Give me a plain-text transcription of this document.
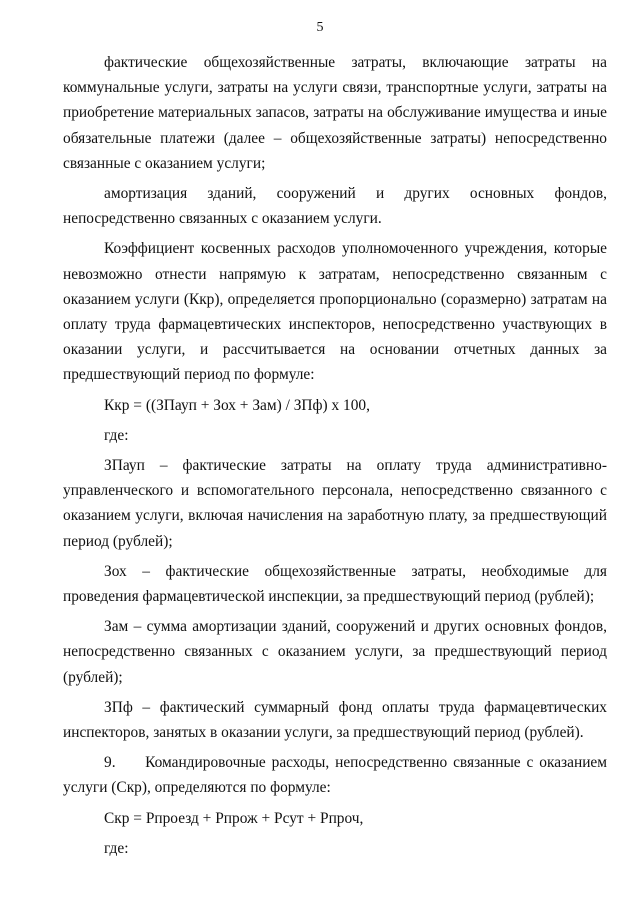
5

фактические общехозяйственные затраты, включающие затраты на коммунальные услуги, затраты на услуги связи, транспортные услуги, затраты на приобретение материальных запасов, затраты на обслуживание имущества и иные обязательные платежи (далее – общехозяйственные затраты) непосредственно связанные с оказанием услуги;

амортизация зданий, сооружений и других основных фондов, непосредственно связанных с оказанием услуги.

Коэффициент косвенных расходов уполномоченного учреждения, которые невозможно отнести напрямую к затратам, непосредственно связанным с оказанием услуги (Ккр), определяется пропорционально (соразмерно) затратам на оплату труда фармацевтических инспекторов, непосредственно участвующих в оказании услуги, и рассчитывается на основании отчетных данных за предшествующий период по формуле:

Ккр = ((ЗПауп + Зох + Зам) / ЗПф) х 100,

где:

ЗПауп – фактические затраты на оплату труда административно-управленческого и вспомогательного персонала, непосредственно связанного с оказанием услуги, включая начисления на заработную плату, за предшествующий период (рублей);

Зох – фактические общехозяйственные затраты, необходимые для проведения фармацевтической инспекции, за предшествующий период (рублей);

Зам – сумма амортизации зданий, сооружений и других основных фондов, непосредственно связанных с оказанием услуги, за предшествующий период (рублей);

ЗПф – фактический суммарный фонд оплаты труда фармацевтических инспекторов, занятых в оказании услуги, за предшествующий период (рублей).

9.     Командировочные расходы, непосредственно связанные с оказанием услуги (Скр), определяются по формуле:

Скр = Рпроезд + Рпрож + Рсут + Рпроч,

где:
